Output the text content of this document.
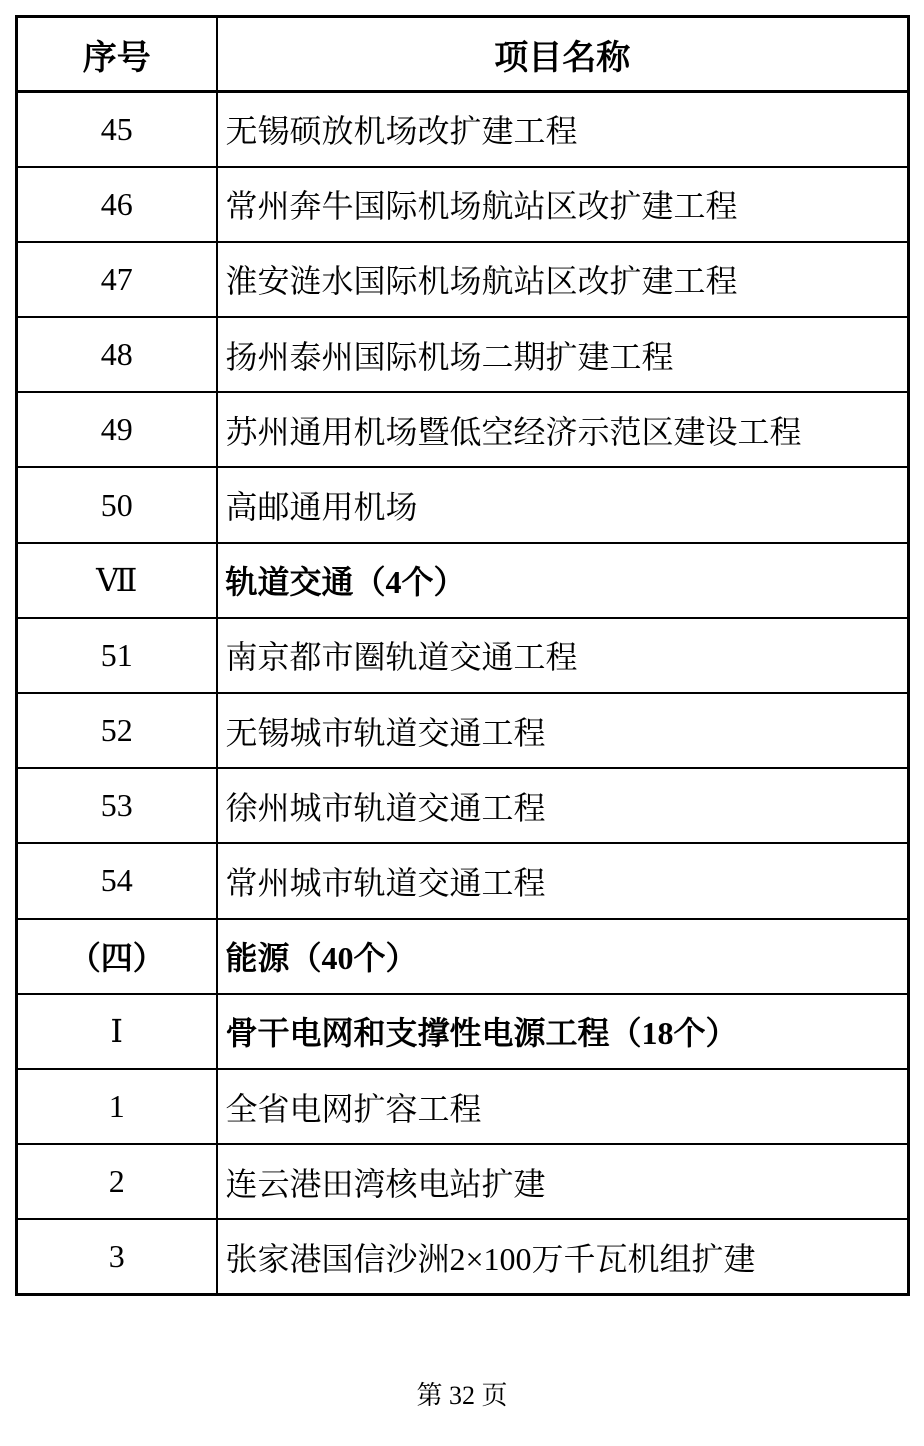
序号	项目名称
45	无锡硕放机场改扩建工程
46	常州奔牛国际机场航站区改扩建工程
47	淮安涟水国际机场航站区改扩建工程
48	扬州泰州国际机场二期扩建工程
49	苏州通用机场暨低空经济示范区建设工程
50	高邮通用机场
Ⅶ	轨道交通（4个）
51	南京都市圈轨道交通工程
52	无锡城市轨道交通工程
53	徐州城市轨道交通工程
54	常州城市轨道交通工程
（四）	能源（40个）
Ⅰ	骨干电网和支撑性电源工程（18个）
1	全省电网扩容工程
2	连云港田湾核电站扩建
3	张家港国信沙洲2×100万千瓦机组扩建
第 32 页
